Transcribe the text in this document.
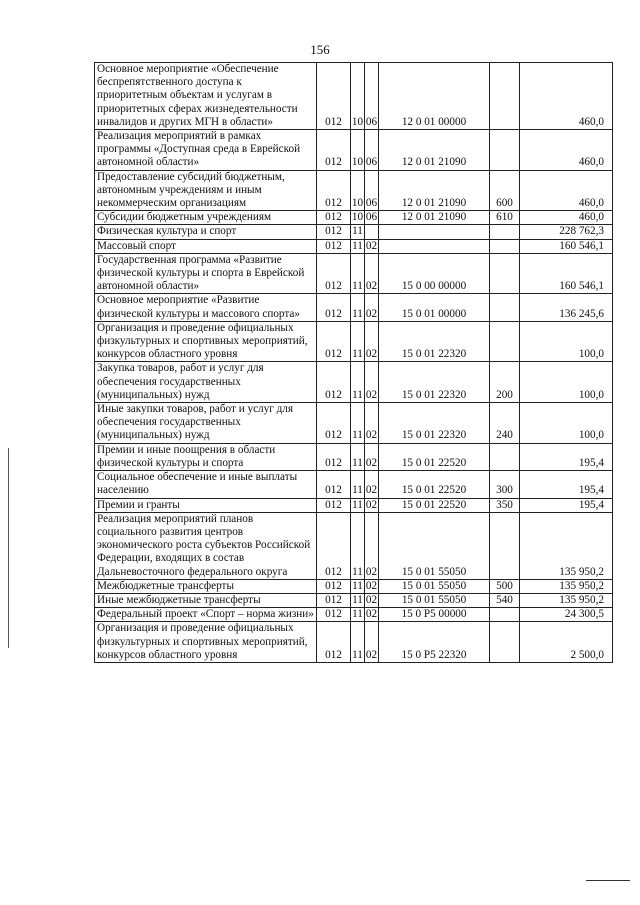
156
Основное мероприятие «Обеспечение беспрепятственного доступа к приоритетным объектам и услугам в приоритетных сферах жизнедеятельности инвалидов и других МГН в области»	012	10	06	12 0 01 00000		460,0
Реализация мероприятий в рамках программы «Доступная среда в Еврейской автономной области»	012	10	06	12 0 01 21090		460,0
Предоставление субсидий бюджетным, автономным учреждениям и иным некоммерческим организациям	012	10	06	12 0 01 21090	600	460,0
Субсидии бюджетным учреждениям	012	10	06	12 0 01 21090	610	460,0
Физическая культура и спорт	012	11				228 762,3
Массовый спорт	012	11	02			160 546,1
Государственная программа «Развитие физической культуры и спорта в Еврейской автономной области»	012	11	02	15 0 00 00000		160 546,1
Основное мероприятие «Развитие физической культуры и массового спорта»	012	11	02	15 0 01 00000		136 245,6
Организация и проведение официальных физкультурных и спортивных мероприятий, конкурсов областного уровня	012	11	02	15 0 01 22320		100,0
Закупка товаров, работ и услуг для обеспечения государственных (муниципальных) нужд	012	11	02	15 0 01 22320	200	100,0
Иные закупки товаров, работ и услуг для обеспечения государственных (муниципальных) нужд	012	11	02	15 0 01 22320	240	100,0
Премии и иные поощрения в области физической культуры и спорта	012	11	02	15 0 01 22520		195,4
Социальное обеспечение и иные выплаты населению	012	11	02	15 0 01 22520	300	195,4
Премии и гранты	012	11	02	15 0 01 22520	350	195,4
Реализация мероприятий планов социального развития центров экономического роста субъектов Российской Федерации, входящих в состав Дальневосточного федерального округа	012	11	02	15 0 01 55050		135 950,2
Межбюджетные трансферты	012	11	02	15 0 01 55050	500	135 950,2
Иные межбюджетные трансферты	012	11	02	15 0 01 55050	540	135 950,2
Федеральный проект «Спорт – норма жизни»	012	11	02	15 0 P5 00000		24 300,5
Организация и проведение официальных физкультурных и спортивных мероприятий, конкурсов областного уровня	012	11	02	15 0 P5 22320		2 500,0
